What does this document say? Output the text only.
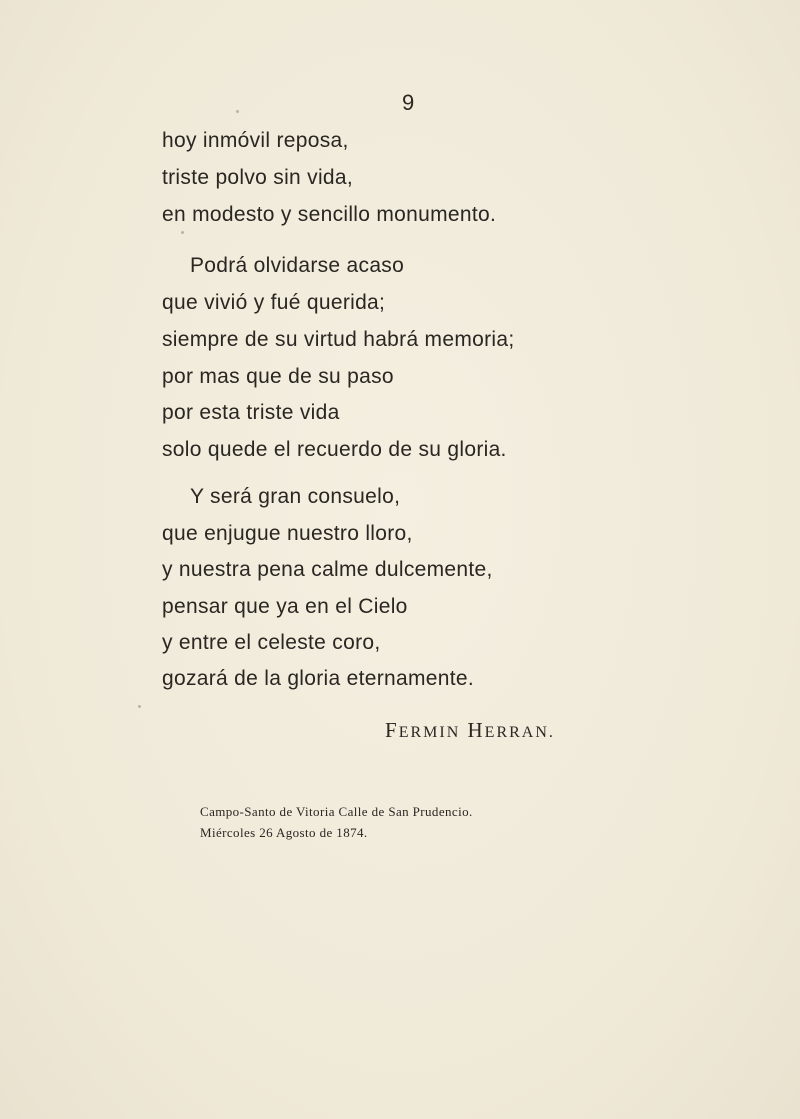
9
hoy inmóvil reposa,
triste polvo sin vida,
en modesto y sencillo monumento.
Podrá olvidarse acaso
que vivió y fué querida;
siempre de su virtud habrá memoria;
por mas que de su paso
por esta triste vida
solo quede el recuerdo de su gloria.
Y será gran consuelo,
que enjugue nuestro lloro,
y nuestra pena calme dulcemente,
pensar que ya en el Cielo
y entre el celeste coro,
gozará de la gloria eternamente.
FERMIN HERRAN.
Campo-Santo de Vitoria Calle de San Prudencio.
Miércoles 26 Agosto de 1874.
